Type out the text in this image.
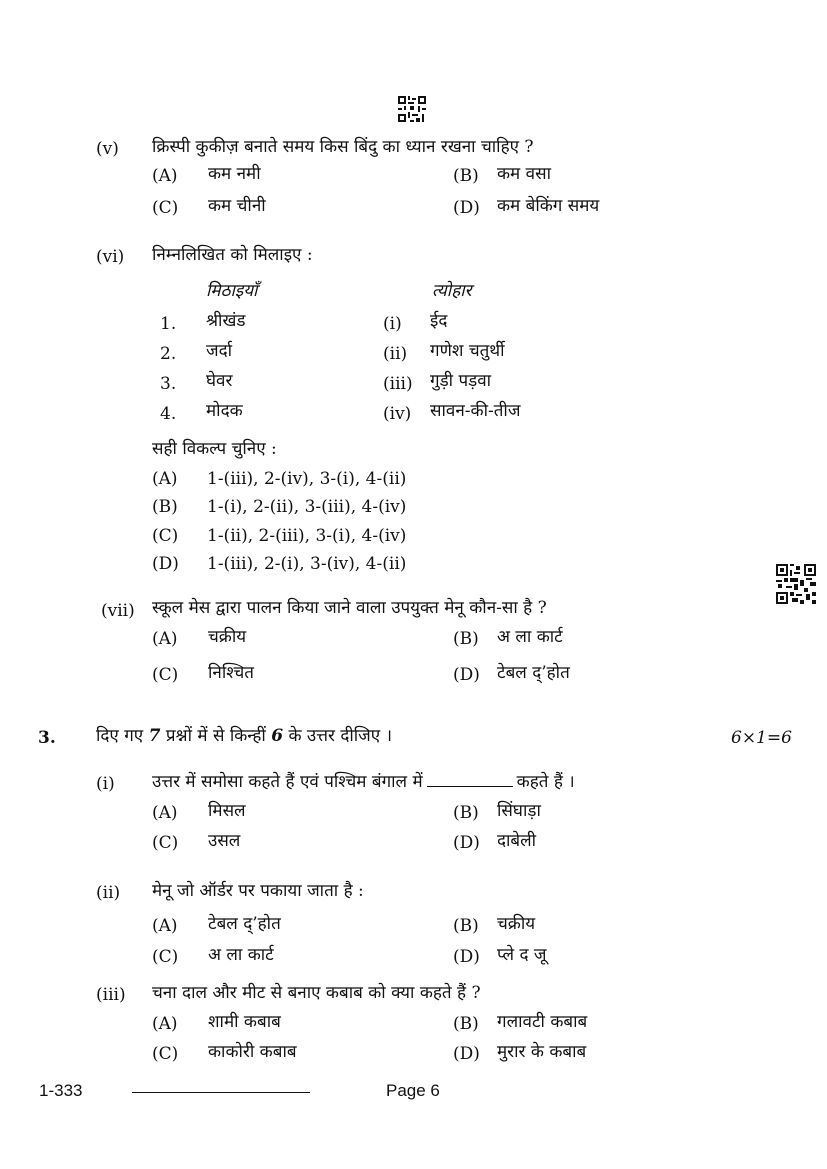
(v) क्रिस्पी कुकीज़ बनाते समय किस बिंदु का ध्यान रखना चाहिए ?
(A) कम नमी	(B) कम वसा
(C) कम चीनी	(D) कम बेकिंग समय
(vi) निम्नलिखित को मिलाइए :
मिठाइयाँ	त्योहार
1. श्रीखंड	(i) ईद
2. जर्दा	(ii) गणेश चतुर्थी
3. घेवर	(iii) गुड़ी पड़वा
4. मोदक	(iv) सावन-की-तीज
सही विकल्प चुनिए :
(A) 1-(iii), 2-(iv), 3-(i), 4-(ii)
(B) 1-(i), 2-(ii), 3-(iii), 4-(iv)
(C) 1-(ii), 2-(iii), 3-(i), 4-(iv)
(D) 1-(iii), 2-(i), 3-(iv), 4-(ii)
(vii) स्कूल मेस द्वारा पालन किया जाने वाला उपयुक्त मेनू कौन-सा है ?
(A) चक्रीय	(B) अ ला कार्ट
(C) निश्चित	(D) टेबल द्’होत
3. दिए गए 7 प्रश्नों में से किन्हीं 6 के उत्तर दीजिए ।	6×1=6
(i) उत्तर में समोसा कहते हैं एवं पश्चिम बंगाल में	कहते हैं ।
(A) मिसल	(B) सिंघाड़ा
(C) उसल	(D) दाबेली
(ii) मेनू जो ऑर्डर पर पकाया जाता है :
(A) टेबल द्’होत	(B) चक्रीय
(C) अ ला कार्ट	(D) प्ले द जू
(iii) चना दाल और मीट से बनाए कबाब को क्या कहते हैं ?
(A) शामी कबाब	(B) गलावटी कबाब
(C) काकोरी कबाब	(D) मुरार के कबाब
1-333	Page 6
